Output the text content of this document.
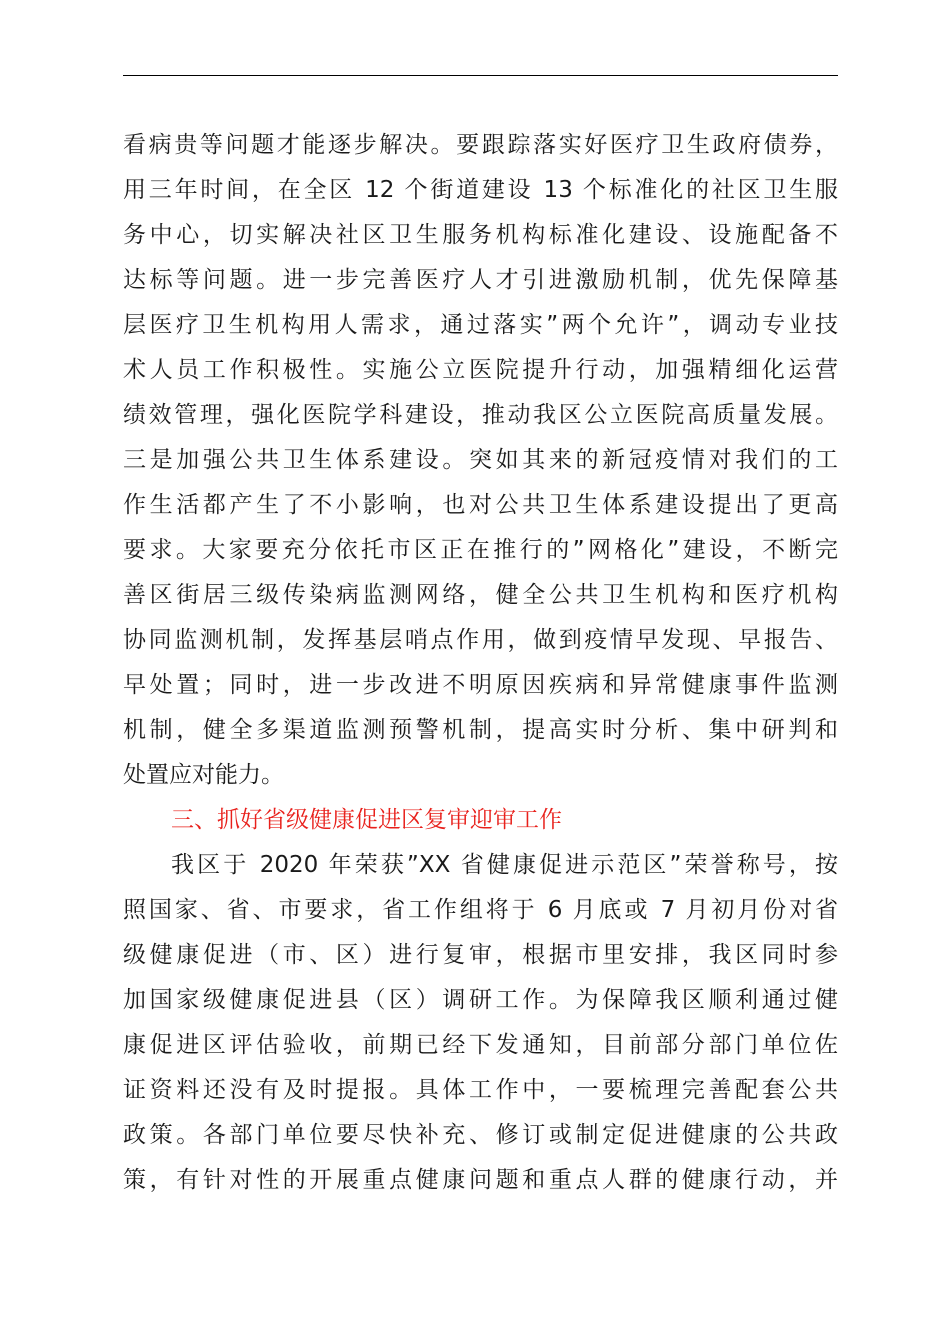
看病贵等问题才能逐步解决。要跟踪落实好医疗卫生政府债券，
用三年时间，在全区 12 个街道建设 13 个标准化的社区卫生服
务中心，切实解决社区卫生服务机构标准化建设、设施配备不
达标等问题。进一步完善医疗人才引进激励机制，优先保障基
层医疗卫生机构用人需求，通过落实”两个允许”，调动专业技
术人员工作积极性。实施公立医院提升行动，加强精细化运营
绩效管理，强化医院学科建设，推动我区公立医院高质量发展。
三是加强公共卫生体系建设。突如其来的新冠疫情对我们的工
作生活都产生了不小影响，也对公共卫生体系建设提出了更高
要求。大家要充分依托市区正在推行的”网格化”建设，不断完
善区街居三级传染病监测网络，健全公共卫生机构和医疗机构
协同监测机制，发挥基层哨点作用，做到疫情早发现、早报告、
早处置；同时，进一步改进不明原因疾病和异常健康事件监测
机制，健全多渠道监测预警机制，提高实时分析、集中研判和
处置应对能力。
三、抓好省级健康促进区复审迎审工作
我区于 2020 年荣获”XX 省健康促进示范区”荣誉称号，按
照国家、省、市要求，省工作组将于 6 月底或 7 月初月份对省
级健康促进（市、区）进行复审，根据市里安排，我区同时参
加国家级健康促进县（区）调研工作。为保障我区顺利通过健
康促进区评估验收，前期已经下发通知，目前部分部门单位佐
证资料还没有及时提报。具体工作中，一要梳理完善配套公共
政策。各部门单位要尽快补充、修订或制定促进健康的公共政
策，有针对性的开展重点健康问题和重点人群的健康行动，并
